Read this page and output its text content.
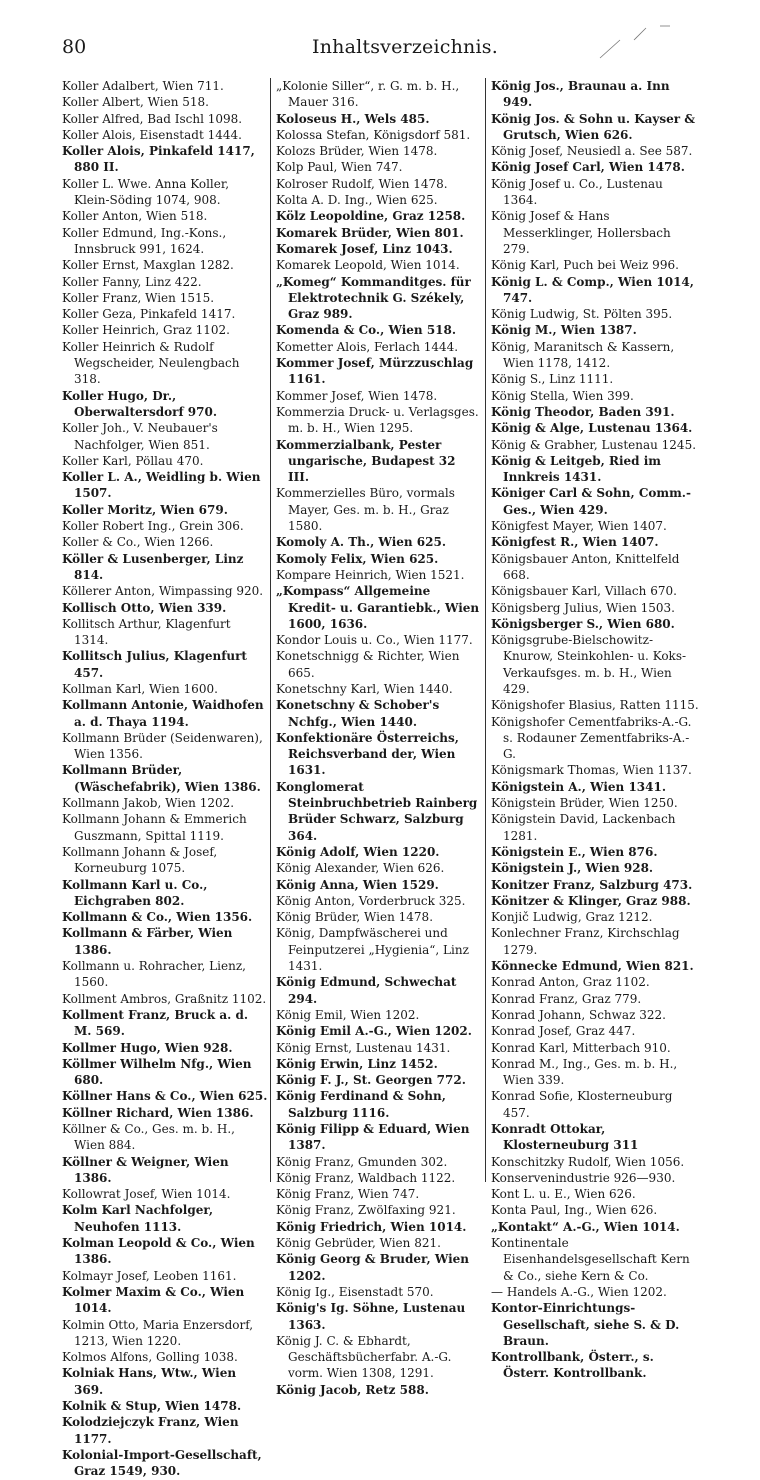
80	Inhaltsverzeichnis.

Koller Adalbert, Wien 711.

Koller Albert, Wien 518.

Koller Alfred, Bad Ischl 1098.

Koller Alois, Eisenstadt 1444.

Koller Alois, Pinkafeld 1417, 880 II.

Koller L. Wwe. Anna Koller, Klein-Söding 1074, 908.

Koller Anton, Wien 518.

Koller Edmund, Ing.-Kons., Innsbruck 991, 1624.

Koller Ernst, Maxglan 1282.

Koller Fanny, Linz 422.

Koller Franz, Wien 1515.

Koller Geza, Pinkafeld 1417.

Koller Heinrich, Graz 1102.

Koller Heinrich & Rudolf Wegscheider, Neulengbach 318.

Koller Hugo, Dr., Oberwaltersdorf 970.

Koller Joh., V. Neubauer's Nachfolger, Wien 851.

Koller Karl, Pöllau 470.

Koller L. A., Weidling b. Wien 1507.

Koller Moritz, Wien 679.

Koller Robert Ing., Grein 306.

Koller & Co., Wien 1266.

Köller & Lusenberger, Linz 814.

Köllerer Anton, Wimpassing 920.

Kollisch Otto, Wien 339.

Kollitsch Arthur, Klagenfurt 1314.

Kollitsch Julius, Klagenfurt 457.

Kollman Karl, Wien 1600.

Kollmann Antonie, Waidhofen a. d. Thaya 1194.

Kollmann Brüder (Seidenwaren), Wien 1356.

Kollmann Brüder, (Wäschefabrik), Wien 1386.

Kollmann Jakob, Wien 1202.

Kollmann Johann & Emmerich Guszmann, Spittal 1119.

Kollmann Johann & Josef, Korneuburg 1075.

Kollmann Karl u. Co., Eichgraben 802.

Kollmann & Co., Wien 1356.

Kollmann & Färber, Wien 1386.

Kollmann u. Rohracher, Lienz, 1560.

Kollment Ambros, Graßnitz 1102.

Kollment Franz, Bruck a. d. M. 569.

Kollmer Hugo, Wien 928.

Köllmer Wilhelm Nfg., Wien 680.

Köllner Hans & Co., Wien 625.

Köllner Richard, Wien 1386.

Köllner & Co., Ges. m. b. H., Wien 884.

Köllner & Weigner, Wien 1386.

Kollowrat Josef, Wien 1014.

Kolm Karl Nachfolger, Neuhofen 1113.

Kolman Leopold & Co., Wien 1386.

Kolmayr Josef, Leoben 1161.

Kolmer Maxim & Co., Wien 1014.

Kolmin Otto, Maria Enzersdorf, 1213, Wien 1220.

Kolmos Alfons, Golling 1038.

Kolniak Hans, Wtw., Wien 369.

Kolnik & Stup, Wien 1478.

Kolodziejczyk Franz, Wien 1177.

Kolonial-Import-Gesellschaft, Graz 1549, 930.

„Kolonie Siller“, r. G. m. b. H., Mauer 316.

Koloseus H., Wels 485.

Kolossa Stefan, Königsdorf 581.

Kolozs Brüder, Wien 1478.

Kolp Paul, Wien 747.

Kolroser Rudolf, Wien 1478.

Kolta A. D. Ing., Wien 625.

Kölz Leopoldine, Graz 1258.

Komarek Brüder, Wien 801.

Komarek Josef, Linz 1043.

Komarek Leopold, Wien 1014.

„Komeg“ Kommanditges. für Elektrotechnik G. Székely, Graz 989.

Komenda & Co., Wien 518.

Kometter Alois, Ferlach 1444.

Kommer Josef, Mürzzuschlag 1161.

Kommer Josef, Wien 1478.

Kommerzia Druck- u. Verlagsges. m. b. H., Wien 1295.

Kommerzialbank, Pester ungarische, Budapest 32 III.

Kommerzielles Büro, vormals Mayer, Ges. m. b. H., Graz 1580.

Komoly A. Th., Wien 625.

Komoly Felix, Wien 625.

Kompare Heinrich, Wien 1521.

„Kompass“ Allgemeine Kredit- u. Garantiebk., Wien 1600, 1636.

Kondor Louis u. Co., Wien 1177.

Konetschnigg & Richter, Wien 665.

Konetschny Karl, Wien 1440.

Konetschny & Schober's Nchfg., Wien 1440.

Konfektionäre Österreichs, Reichsverband der, Wien 1631.

Konglomerat Steinbruchbetrieb Rainberg Brüder Schwarz, Salzburg 364.

König Adolf, Wien 1220.

König Alexander, Wien 626.

König Anna, Wien 1529.

König Anton, Vorderbruck 325.

König Brüder, Wien 1478.

König, Dampfwäscherei und Feinputzerei „Hygienia“, Linz 1431.

König Edmund, Schwechat 294.

König Emil, Wien 1202.

König Emil A.-G., Wien 1202.

König Ernst, Lustenau 1431.

König Erwin, Linz 1452.

König F. J., St. Georgen 772.

König Ferdinand & Sohn, Salzburg 1116.

König Filipp & Eduard, Wien 1387.

König Franz, Gmunden 302.

König Franz, Waldbach 1122.

König Franz, Wien 747.

König Franz, Zwölfaxing 921.

König Friedrich, Wien 1014.

König Gebrüder, Wien 821.

König Georg & Bruder, Wien 1202.

König Ig., Eisenstadt 570.

König's Ig. Söhne, Lustenau 1363.

König J. C. & Ebhardt, Geschäftsbücherfabr. A.-G. vorm. Wien 1308, 1291.

König Jacob, Retz 588.

König Jos., Braunau a. Inn 949.

König Jos. & Sohn u. Kayser & Grutsch, Wien 626.

König Josef, Neusiedl a. See 587.

König Josef Carl, Wien 1478.

König Josef u. Co., Lustenau 1364.

König Josef & Hans Messerklinger, Hollersbach 279.

König Karl, Puch bei Weiz 996.

König L. & Comp., Wien 1014, 747.

König Ludwig, St. Pölten 395.

König M., Wien 1387.

König, Maranitsch & Kassern, Wien 1178, 1412.

König S., Linz 1111.

König Stella, Wien 399.

König Theodor, Baden 391.

König & Alge, Lustenau 1364.

König & Grabher, Lustenau 1245.

König & Leitgeb, Ried im Innkreis 1431.

Königer Carl & Sohn, Comm.-Ges., Wien 429.

Königfest Mayer, Wien 1407.

Königfest R., Wien 1407.

Königsbauer Anton, Knittelfeld 668.

Königsbauer Karl, Villach 670.

Königsberg Julius, Wien 1503.

Königsberger S., Wien 680.

Königsgrube-Bielschowitz-Knurow, Steinkohlen- u. Koks-Verkaufsges. m. b. H., Wien 429.

Königshofer Blasius, Ratten 1115.

Königshofer Cementfabriks-A.-G. s. Rodauner Zementfabriks-A.-G.

Königsmark Thomas, Wien 1137.

Königstein A., Wien 1341.

Königstein Brüder, Wien 1250.

Königstein David, Lackenbach 1281.

Königstein E., Wien 876.

Königstein J., Wien 928.

Konitzer Franz, Salzburg 473.

Könitzer & Klinger, Graz 988.

Konjič Ludwig, Graz 1212.

Konlechner Franz, Kirchschlag 1279.

Könnecke Edmund, Wien 821.

Konrad Anton, Graz 1102.

Konrad Franz, Graz 779.

Konrad Johann, Schwaz 322.

Konrad Josef, Graz 447.

Konrad Karl, Mitterbach 910.

Konrad M., Ing., Ges. m. b. H., Wien 339.

Konrad Sofie, Klosterneuburg 457.

Konradt Ottokar, Klosterneuburg 311

Konschitzky Rudolf, Wien 1056.

Konservenindustrie 926—930.

Kont L. u. E., Wien 626.

Konta Paul, Ing., Wien 626.

„Kontakt“ A.-G., Wien 1014.

Kontinentale Eisenhandelsgesellschaft Kern & Co., siehe Kern & Co.

— Handels A.-G., Wien 1202.

Kontor-Einrichtungs-Gesellschaft, siehe S. & D. Braun.

Kontrollbank, Österr., s. Österr. Kontrollbank.
